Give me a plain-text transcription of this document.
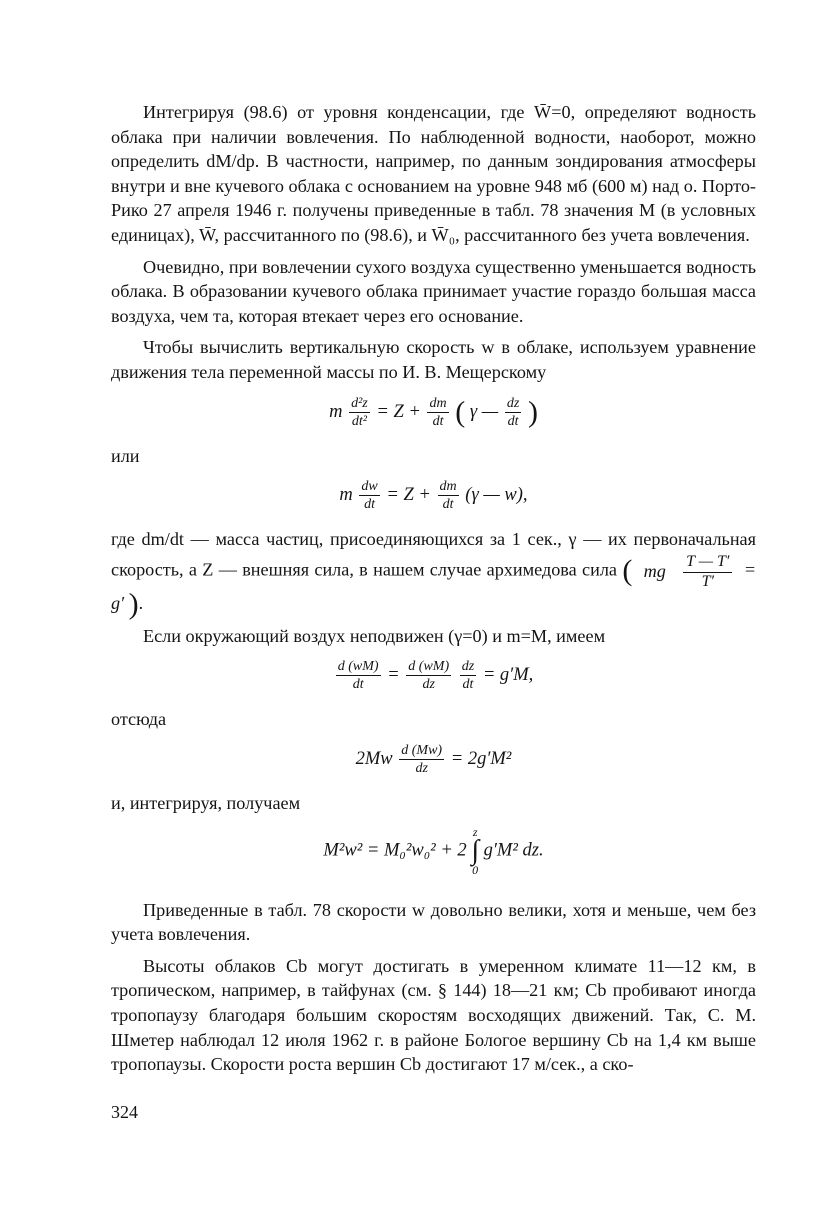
Интегрируя (98.6) от уровня конденсации, где W̄=0, определяют водность облака при наличии вовлечения. По наблюденной водности, наоборот, можно определить dM/dp. В частности, например, по данным зондирования атмосферы внутри и вне кучевого облака с основанием на уровне 948 мб (600 м) над о. Порто-Рико 27 апреля 1946 г. получены приведенные в табл. 78 значения M (в условных единицах), W̄, рассчитанного по (98.6), и W̄₀, рассчитанного без учета вовлечения.

Очевидно, при вовлечении сухого воздуха существенно уменьшается водность облака. В образовании кучевого облака принимает участие гораздо большая масса воздуха, чем та, которая втекает через его основание.

Чтобы вычислить вертикальную скорость w в облаке, используем уравнение движения тела переменной массы по И. В. Мещерскому

m $\frac{\text{d²z}}{\text{dt²}} = Z + \frac{dm}{dt}$ ( γ — $\frac{dz}{dt}$ )

или

m $\frac{dw}{dt} = Z + \frac{dm}{dt} (\gamma$ — w),

где dm/dt — масса частиц, присоединяющихся за 1 сек., γ — их первоначальная скорость, а Z — внешняя сила, в нашем случае архимедова сила ( mg $\frac{T — T'}{T'} = g'$ ).

Если окружающий воздух неподвижен (γ=0) и m=M, имеем

$\frac{d (wM)}{dt} = \frac{d (wM)}{dz}$
$\frac{dz}{dt} = g'M$,

отсюда

$2Mw \frac{d (Mw)}{dz} = 2g'M^2$

и, интегрируя, получаем

M²w² = M₀²w₀² + 2
z
∫
0
g′M² dz.

Приведенные в табл. 78 скорости w довольно велики, хотя и меньше, чем без учета вовлечения.

Высоты облаков Cb могут достигать в умеренном климате 11—12 км, в тропическом, например, в тайфунах (см. § 144) 18—21 км; Cb пробивают иногда тропопаузу благодаря большим скоростям восходящих движений. Так, С. М. Шметер наблюдал 12 июля 1962 г. в районе Бологое вершину Cb на 1,4 км выше тропопаузы. Скорости роста вершин Cb достигают 17 м/сек., а ско-

324
